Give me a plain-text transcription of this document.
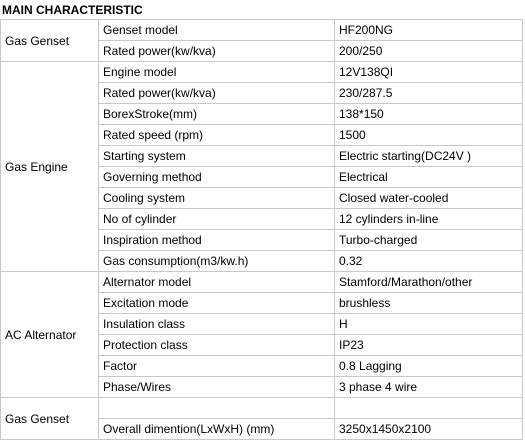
MAIN CHARACTERISTIC
Gas Genset	Genset model	HF200NG
	Rated power(kw/kva)	200/250
Gas Engine	Engine model	12V138QI
	Rated power(kw/kva)	230/287.5
	BorexStroke(mm)	138*150
	Rated speed (rpm)	1500
	Starting system	Electric starting(DC24V )
	Governing method	Electrical
	Cooling system	Closed water-cooled
	No of cylinder	12 cylinders in-line
	Inspiration method	Turbo-charged
	Gas consumption(m3/kw.h)	0.32
AC Alternator	Alternator model	Stamford/Marathon/other
	Excitation mode	brushless
	Insulation class	H
	Protection class	IP23
	Factor	0.8 Lagging
	Phase/Wires	3 phase 4 wire
Gas Genset		
	Overall dimention(LxWxH) (mm)	3250x1450x2100
